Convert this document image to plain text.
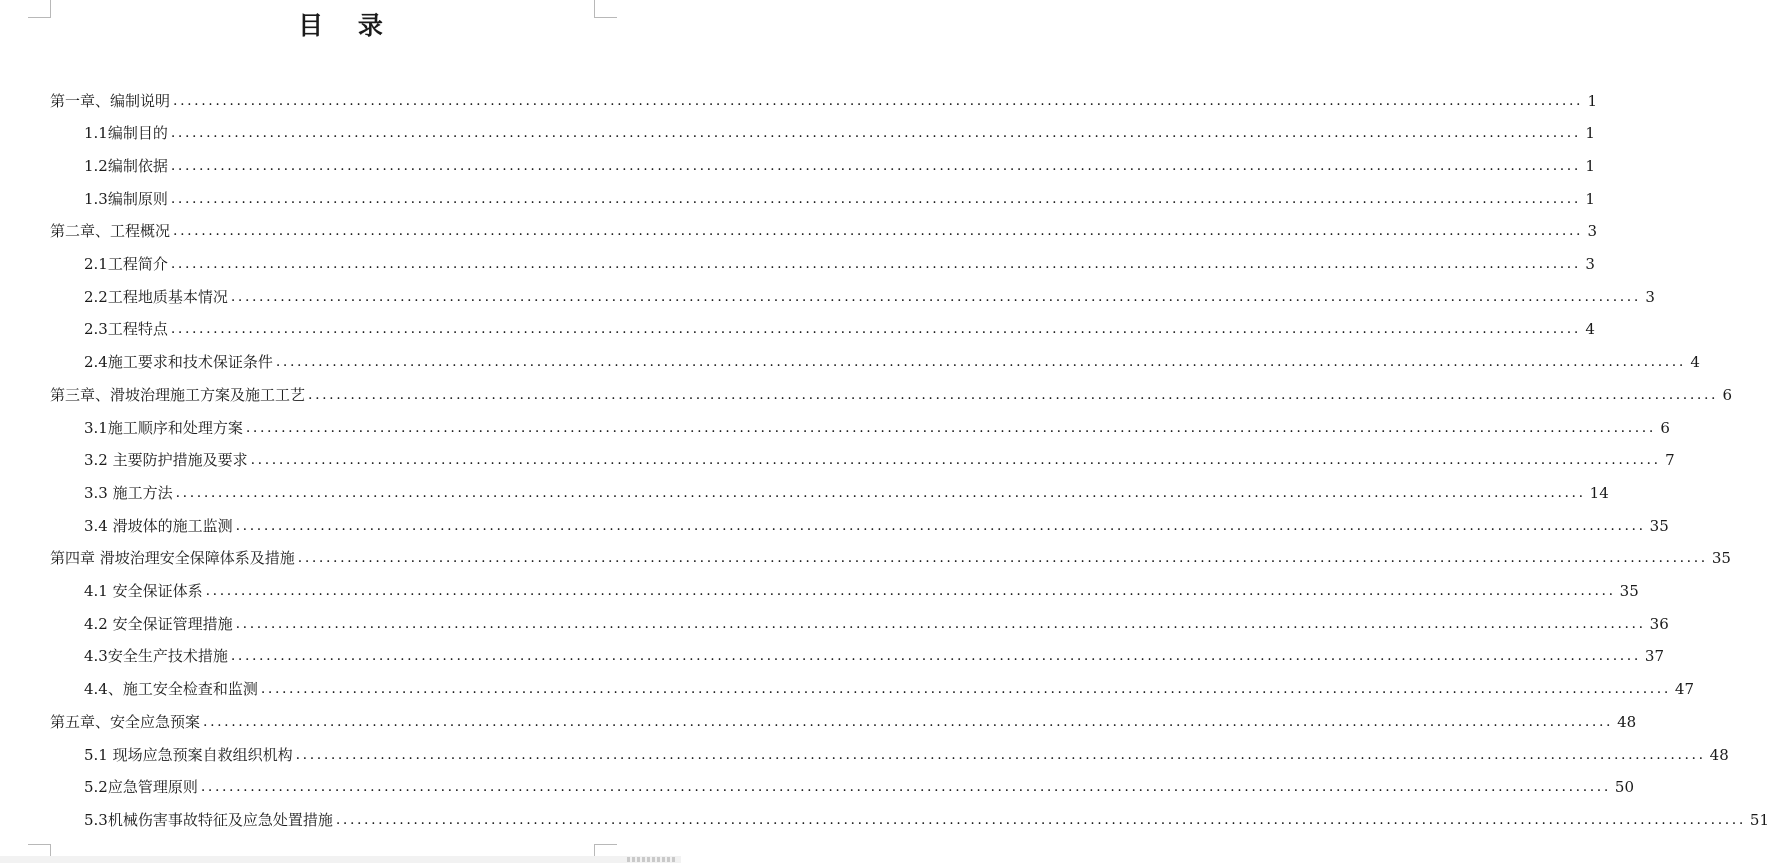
目    录
第一章、编制说明 ........................................................................................................................................................................................................ 1
1.1编制目的 ........................................................................................................................................................................................................ 1
1.2编制依据 ........................................................................................................................................................................................................ 1
1.3编制原则 ........................................................................................................................................................................................................ 1
第二章、工程概况 ........................................................................................................................................................................................................ 3
2.1工程简介 ........................................................................................................................................................................................................ 3
2.2工程地质基本情况 ........................................................................................................................................................................................................ 3
2.3工程特点 ........................................................................................................................................................................................................ 4
2.4施工要求和技术保证条件 ........................................................................................................................................................................................................ 4
第三章、滑坡治理施工方案及施工工艺 ........................................................................................................................................................................................................ 6
3.1施工顺序和处理方案 ........................................................................................................................................................................................................ 6
3.2 主要防护措施及要求 ........................................................................................................................................................................................................ 7
3.3 施工方法 ........................................................................................................................................................................................................ 14
3.4 滑坡体的施工监测 ........................................................................................................................................................................................................ 35
第四章 滑坡治理安全保障体系及措施 ........................................................................................................................................................................................................ 35
4.1 安全保证体系 ........................................................................................................................................................................................................ 35
4.2 安全保证管理措施 ........................................................................................................................................................................................................ 36
4.3安全生产技术措施 ........................................................................................................................................................................................................ 37
4.4、施工安全检查和监测 ........................................................................................................................................................................................................ 47
第五章、安全应急预案 ........................................................................................................................................................................................................ 48
5.1 现场应急预案自救组织机构 ........................................................................................................................................................................................................ 48
5.2应急管理原则 ........................................................................................................................................................................................................ 50
5.3机械伤害事故特征及应急处置措施 ........................................................................................................................................................................................................ 51
